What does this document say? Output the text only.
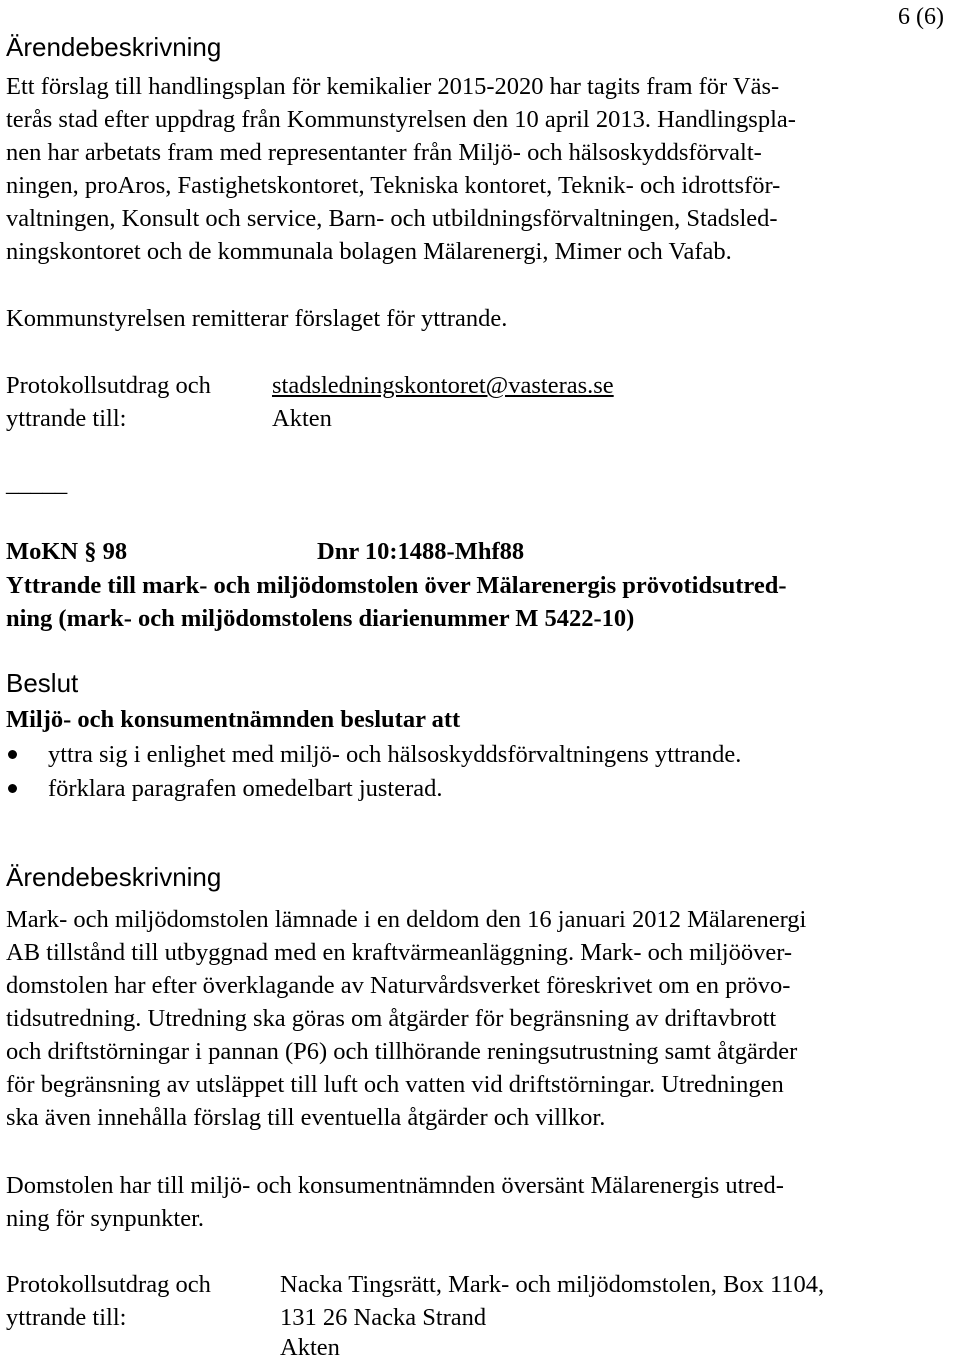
6 (6)
Ärendebeskrivning
Ett förslag till handlingsplan för kemikalier 2015-2020 har tagits fram för Väs-
terås stad efter uppdrag från Kommunstyrelsen den 10 april 2013. Handlingspla-
nen har arbetats fram med representanter från Miljö- och hälsoskyddsförvalt-
ningen, proAros, Fastighetskontoret, Tekniska kontoret, Teknik- och idrottsför-
valtningen, Konsult och service, Barn- och utbildningsförvaltningen, Stadsled-
ningskontoret och de kommunala bolagen Mälarenergi, Mimer och Vafab.
Kommunstyrelsen remitterar förslaget för yttrande.
Protokollsutdrag och
yttrande till:
stadsledningskontoret@vasteras.se
Akten
_____
MoKN § 98	Dnr 10:1488-Mhf88
Yttrande till mark- och miljödomstolen över Mälarenergis prövotidsutred-
ning (mark- och miljödomstolens diarienummer M 5422-10)
Beslut
Miljö- och konsumentnämnden beslutar att
yttra sig i enlighet med miljö- och hälsoskyddsförvaltningens yttrande.
förklara paragrafen omedelbart justerad.
Ärendebeskrivning
Mark- och miljödomstolen lämnade i en deldom den 16 januari 2012 Mälarenergi
AB tillstånd till utbyggnad med en kraftvärmeanläggning. Mark- och miljööver-
domstolen har efter överklagande av Naturvårdsverket föreskrivet om en prövo-
tidsutredning. Utredning ska göras om åtgärder för begränsning av driftavbrott
och driftstörningar i pannan (P6) och tillhörande reningsutrustning samt åtgärder
för begränsning av utsläppet till luft och vatten vid driftstörningar. Utredningen
ska även innehålla förslag till eventuella åtgärder och villkor.
Domstolen har till miljö- och konsumentnämnden översänt Mälarenergis utred-
ning för synpunkter.
Protokollsutdrag och
yttrande till:
Nacka Tingsrätt, Mark- och miljödomstolen, Box 1104,
131 26 Nacka Strand
Akten
